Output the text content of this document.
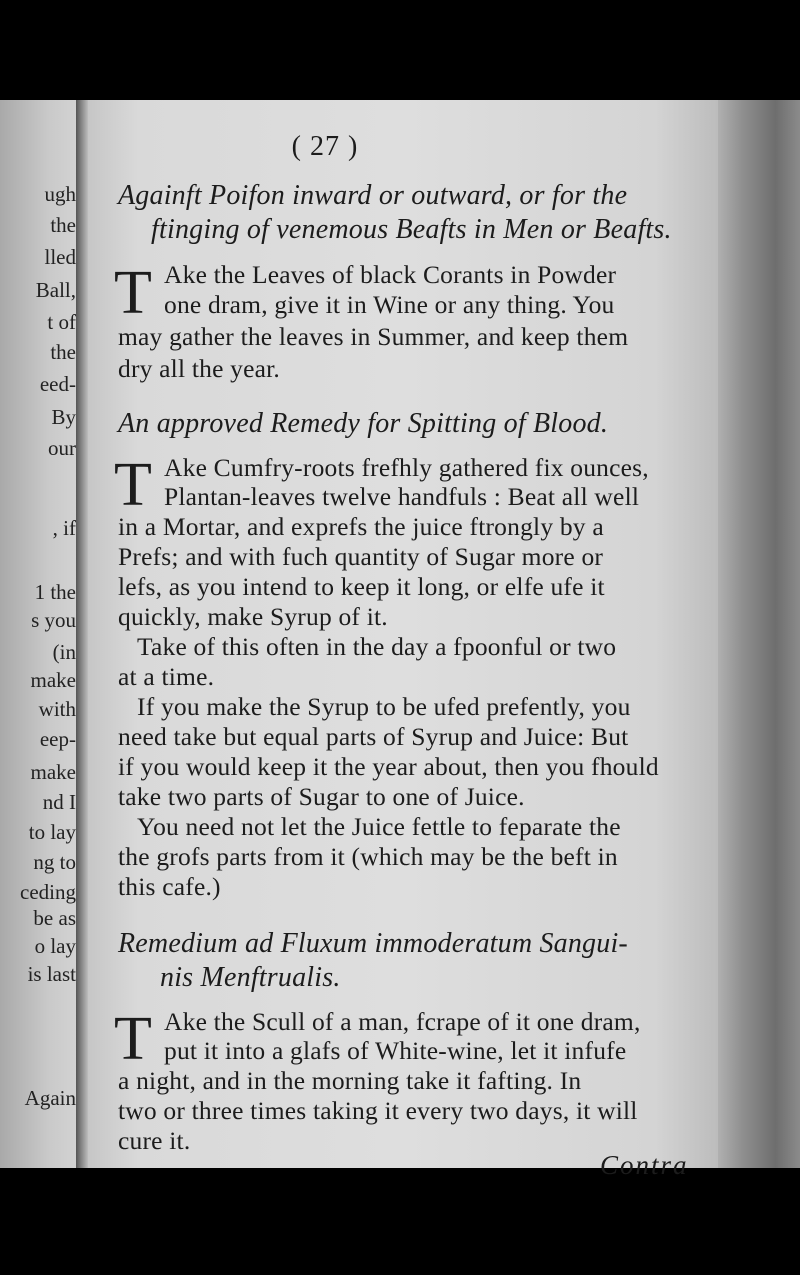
ugh
the
lled
Ball,
t of
the
eed-
By
our
, if
1 the
s you
(in
make
with
eep-
make
nd I
to lay
ng to
ceding
be as
o lay
is last
Again
( 27 )
Againft Poifon inward or outward, or for the
ftinging of venemous Beafts in Men or Beafts.
T Ake the Leaves of black Corants in Powder
one dram, give it in Wine or any thing. You
may gather the leaves in Summer, and keep them
dry all the year.
An approved Remedy for Spitting of Blood.
T Ake Cumfry-roots frefhly gathered fix ounces,
Plantan-leaves twelve handfuls : Beat all well
in a Mortar, and exprefs the juice ftrongly by a
Prefs; and with fuch quantity of Sugar more or
lefs, as you intend to keep it long, or elfe ufe it
quickly, make Syrup of it.
Take of this often in the day a fpoonful or two
at a time.
If you make the Syrup to be ufed prefently, you
need take but equal parts of Syrup and Juice: But
if you would keep it the year about, then you fhould
take two parts of Sugar to one of Juice.
You need not let the Juice fettle to feparate the
the grofs parts from it (which may be the beft in
this cafe.)
Remedium ad Fluxum immoderatum Sangui-
nis Menftrualis.
T Ake the Scull of a man, fcrape of it one dram,
put it into a glafs of White-wine, let it infufe
a night, and in the morning take it fafting. In
two or three times taking it every two days, it will
cure it.
Contra
